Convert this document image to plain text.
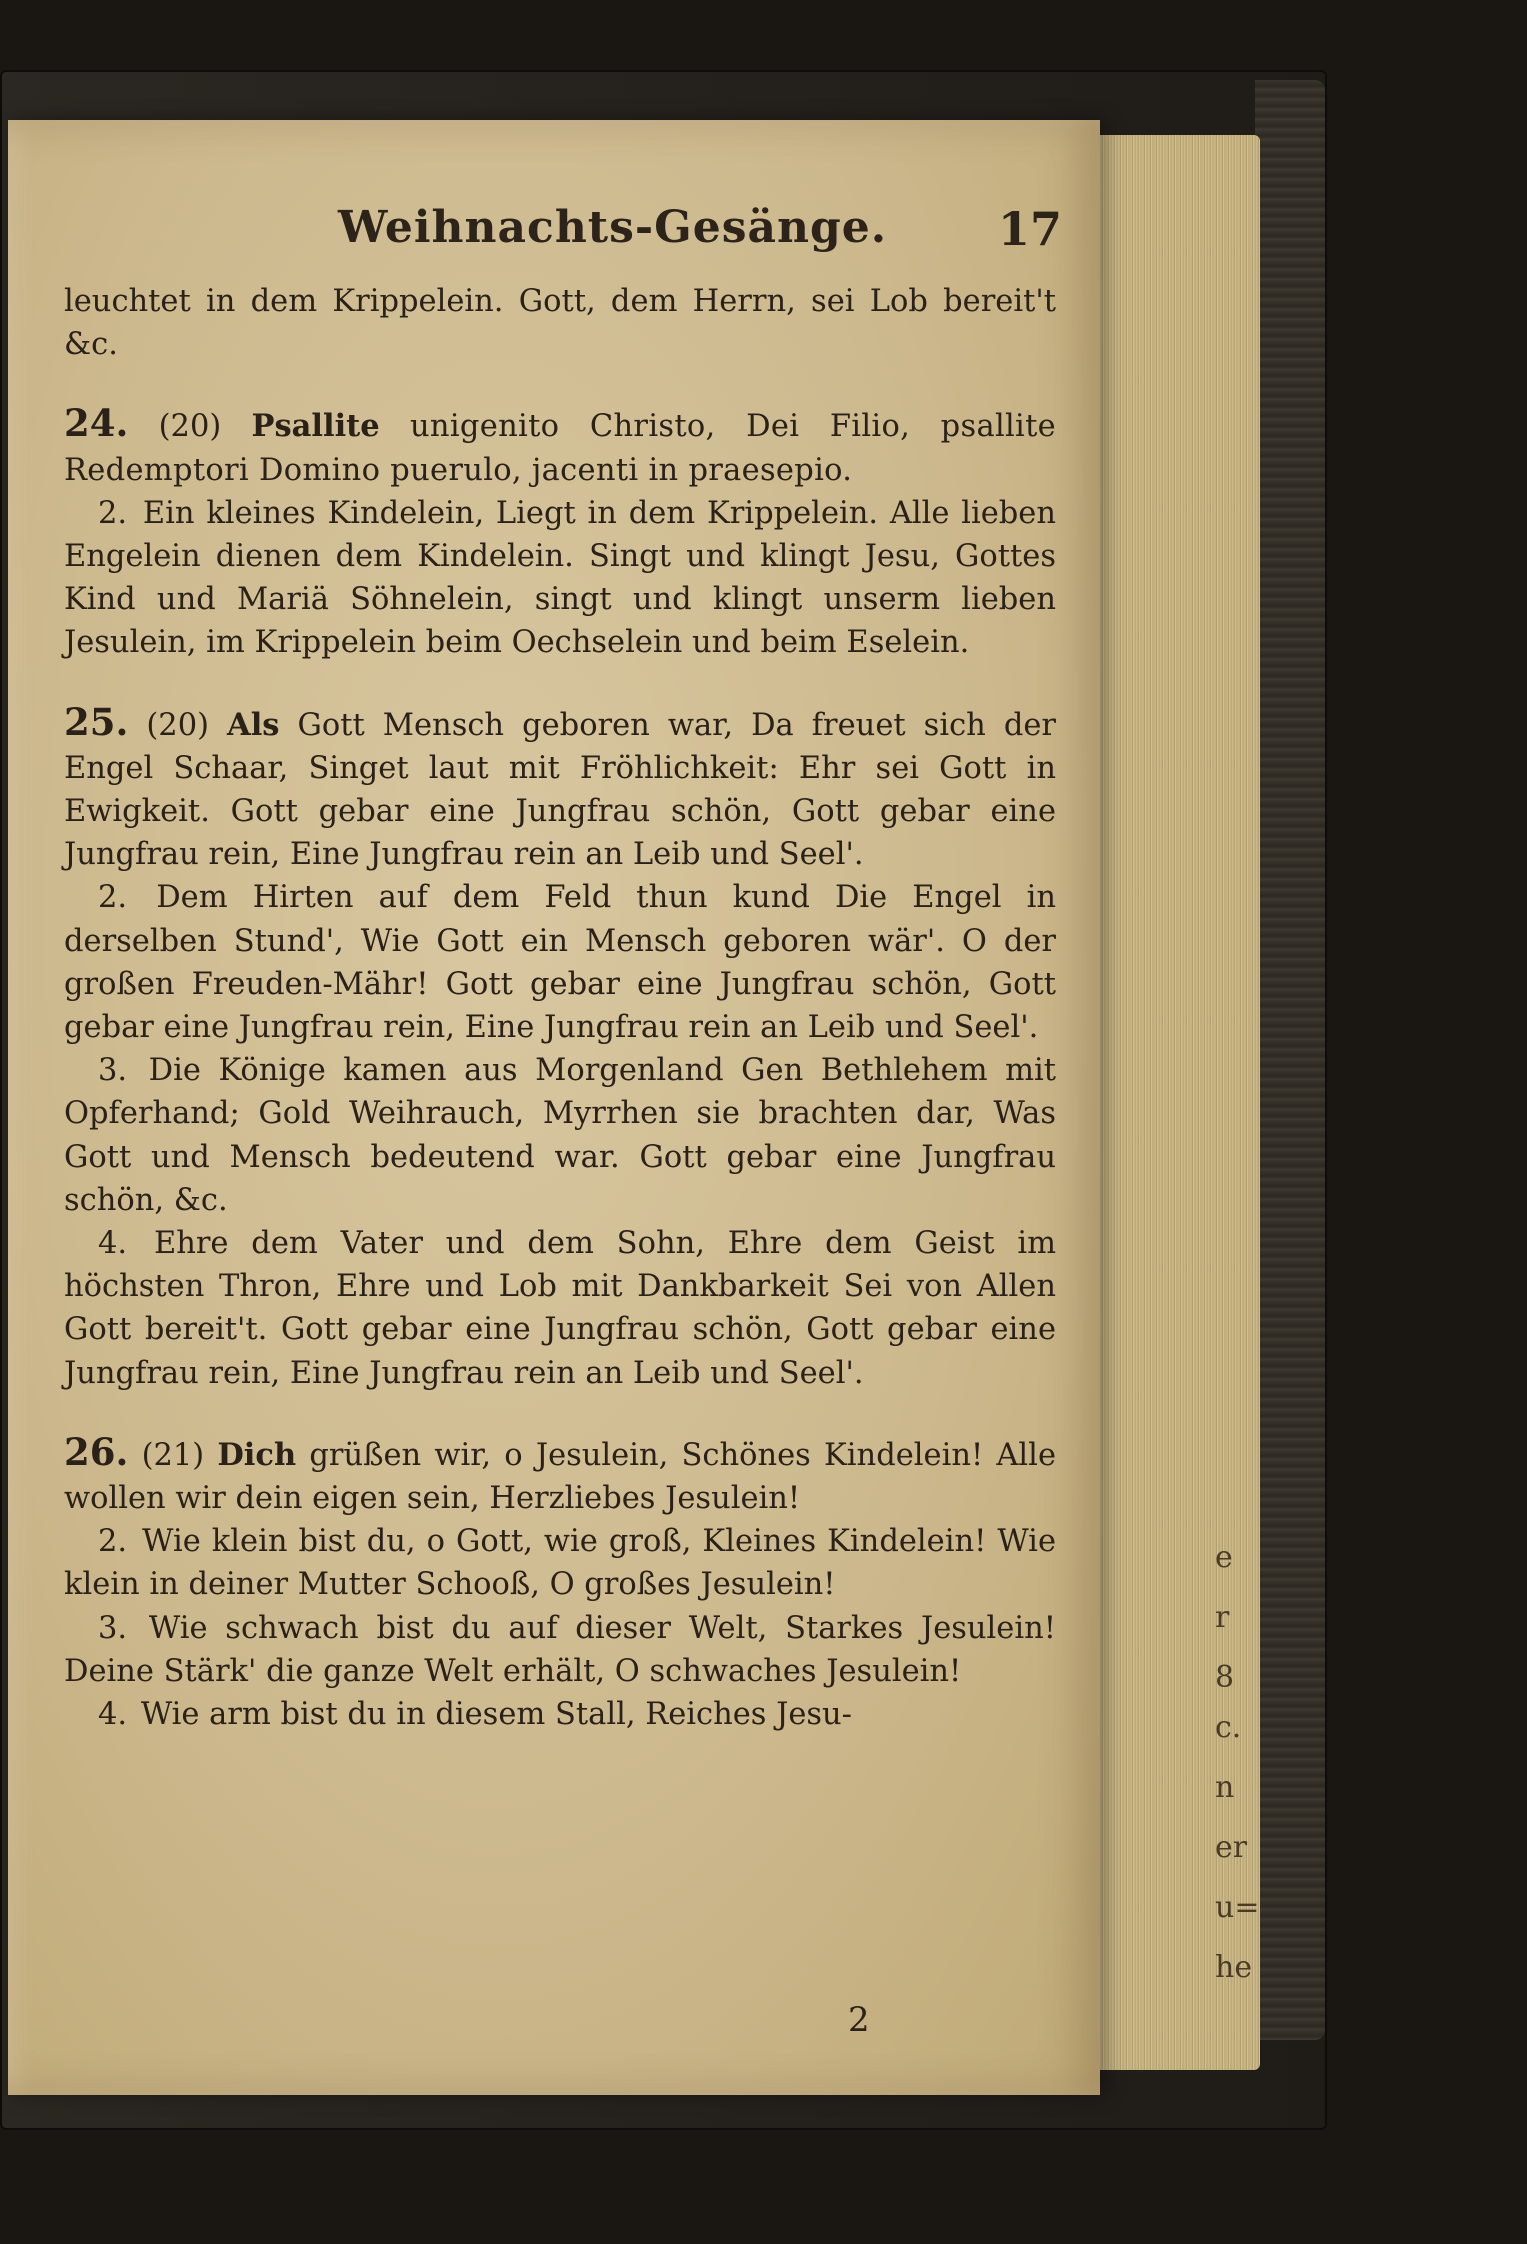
e
r
8
c.
n
er
u=
he
Weihnachts-Gesänge. 17

leuchtet in dem Krippelein. Gott, dem Herrn, sei Lob bereit't &c.

24. (20) Psallite unigenito Christo, Dei Filio, psallite Redemptori Domino puerulo, jacenti in praesepio.

2. Ein kleines Kindelein, Liegt in dem Krippelein. Alle lieben Engelein dienen dem Kindelein. Singt und klingt Jesu, Gottes Kind und Mariä Söhnelein, singt und klingt unserm lieben Jesulein, im Krippelein beim Oechselein und beim Eselein.

25. (20) Als Gott Mensch geboren war, Da freuet sich der Engel Schaar, Singet laut mit Fröhlichkeit: Ehr sei Gott in Ewigkeit. Gott gebar eine Jungfrau schön, Gott gebar eine Jungfrau rein, Eine Jungfrau rein an Leib und Seel'.

2. Dem Hirten auf dem Feld thun kund Die Engel in derselben Stund', Wie Gott ein Mensch geboren wär'. O der großen Freuden-Mähr! Gott gebar eine Jungfrau schön, Gott gebar eine Jungfrau rein, Eine Jungfrau rein an Leib und Seel'.

3. Die Könige kamen aus Morgenland Gen Bethlehem mit Opferhand; Gold Weihrauch, Myrrhen sie brachten dar, Was Gott und Mensch bedeutend war. Gott gebar eine Jungfrau schön, &c.

4. Ehre dem Vater und dem Sohn, Ehre dem Geist im höchsten Thron, Ehre und Lob mit Dankbarkeit Sei von Allen Gott bereit't. Gott gebar eine Jungfrau schön, Gott gebar eine Jungfrau rein, Eine Jungfrau rein an Leib und Seel'.

26. (21) Dich grüßen wir, o Jesulein, Schönes Kindelein! Alle wollen wir dein eigen sein, Herzliebes Jesulein!

2. Wie klein bist du, o Gott, wie groß, Kleines Kindelein! Wie klein in deiner Mutter Schooß, O großes Jesulein!

3. Wie schwach bist du auf dieser Welt, Starkes Jesulein! Deine Stärk' die ganze Welt erhält, O schwaches Jesulein!

4. Wie arm bist du in diesem Stall, Reiches Jesu-

2
